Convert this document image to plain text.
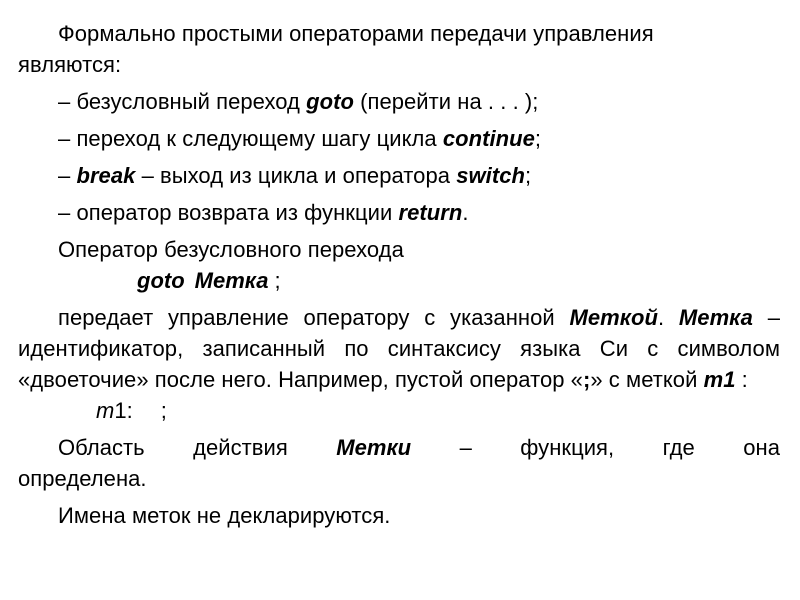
Формально простыми операторами передачи управления

являются:

– безусловный переход goto (перейти на . . . );

– переход к следующему шагу цикла continue;

– break – выход из цикла и оператора switch;

– оператор возврата из функции return.

Оператор безусловного перехода

goto Метка ;

передает управление оператору с указанной Меткой. Метка – идентификатор, записанный по синтаксису языка Си с символом «двоеточие» после него. Например, пустой оператор «;» с меткой m1 :

m1: ;

Область действия Метки – функция, где она

определена.

Имена меток не декларируются.
